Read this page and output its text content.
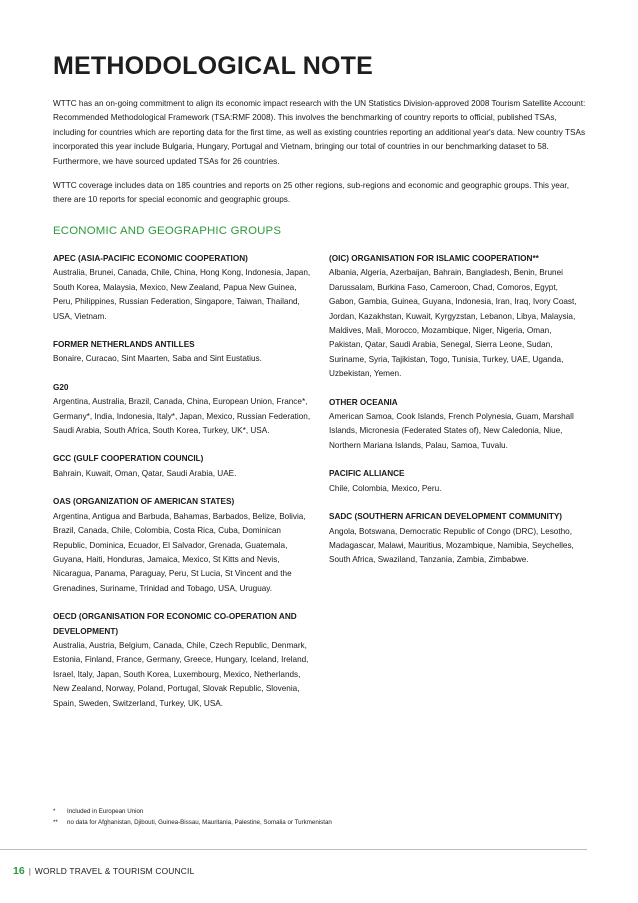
METHODOLOGICAL NOTE

WTTC has an on-going commitment to align its economic impact research with the UN Statistics Division-approved 2008 Tourism Satellite Account: Recommended Methodological Framework (TSA:RMF 2008). This involves the benchmarking of country reports to official, published TSAs, including for countries which are reporting data for the first time, as well as existing countries reporting an additional year's data. New country TSAs incorporated this year include Bulgaria, Hungary, Portugal and Vietnam, bringing our total of countries in our benchmarking dataset to 58. Furthermore, we have sourced updated TSAs for 26 countries.

WTTC coverage includes data on 185 countries and reports on 25 other regions, sub-regions and economic and geographic groups. This year, there are 10 reports for special economic and geographic groups.

ECONOMIC AND GEOGRAPHIC GROUPS

APEC (ASIA-PACIFIC ECONOMIC COOPERATION)

Australia, Brunei, Canada, Chile, China, Hong Kong, Indonesia, Japan, South Korea, Malaysia, Mexico, New Zealand, Papua New Guinea, Peru, Philippines, Russian Federation, Singapore, Taiwan, Thailand, USA, Vietnam.

FORMER NETHERLANDS ANTILLES

Bonaire, Curacao, Sint Maarten, Saba and Sint Eustatius.

G20

Argentina, Australia, Brazil, Canada, China, European Union, France*, Germany*, India, Indonesia, Italy*, Japan, Mexico, Russian Federation, Saudi Arabia, South Africa, South Korea, Turkey, UK*, USA.

GCC (GULF COOPERATION COUNCIL)

Bahrain, Kuwait, Oman, Qatar, Saudi Arabia, UAE.

OAS (ORGANIZATION OF AMERICAN STATES)

Argentina, Antigua and Barbuda, Bahamas, Barbados, Belize, Bolivia, Brazil, Canada, Chile, Colombia, Costa Rica, Cuba, Dominican Republic, Dominica, Ecuador, El Salvador, Grenada, Guatemala, Guyana, Haiti, Honduras, Jamaica, Mexico, St Kitts and Nevis, Nicaragua, Panama, Paraguay, Peru, St Lucia, St Vincent and the Grenadines, Suriname, Trinidad and Tobago, USA, Uruguay.

OECD (ORGANISATION FOR ECONOMIC CO-OPERATION AND DEVELOPMENT)

Australia, Austria, Belgium, Canada, Chile, Czech Republic, Denmark, Estonia, Finland, France, Germany, Greece, Hungary, Iceland, Ireland, Israel, Italy, Japan, South Korea, Luxembourg, Mexico, Netherlands, New Zealand, Norway, Poland, Portugal, Slovak Republic, Slovenia, Spain, Sweden, Switzerland, Turkey, UK, USA.

(OIC) ORGANISATION FOR ISLAMIC COOPERATION**

Albania, Algeria, Azerbaijan, Bahrain, Bangladesh, Benin, Brunei Darussalam, Burkina Faso, Cameroon, Chad, Comoros, Egypt, Gabon, Gambia, Guinea, Guyana, Indonesia, Iran, Iraq, Ivory Coast, Jordan, Kazakhstan, Kuwait, Kyrgyzstan, Lebanon, Libya, Malaysia, Maldives, Mali, Morocco, Mozambique, Niger, Nigeria, Oman, Pakistan, Qatar, Saudi Arabia, Senegal, Sierra Leone, Sudan, Suriname, Syria, Tajikistan, Togo, Tunisia, Turkey, UAE, Uganda, Uzbekistan, Yemen.

OTHER OCEANIA

American Samoa, Cook Islands, French Polynesia, Guam, Marshall Islands, Micronesia (Federated States of), New Caledonia, Niue, Northern Mariana Islands, Palau, Samoa, Tuvalu.

PACIFIC ALLIANCE

Chile, Colombia, Mexico, Peru.

SADC (SOUTHERN AFRICAN DEVELOPMENT COMMUNITY)

Angola, Botswana, Democratic Republic of Congo (DRC), Lesotho, Madagascar, Malawi, Mauritius, Mozambique, Namibia, Seychelles, South Africa, Swaziland, Tanzania, Zambia, Zimbabwe.

*	Included in European Union
**	no data for Afghanistan, Djibouti, Guinea-Bissau, Mauritania, Palestine, Somalia or Turkmenistan
16 | WORLD TRAVEL & TOURISM COUNCIL
